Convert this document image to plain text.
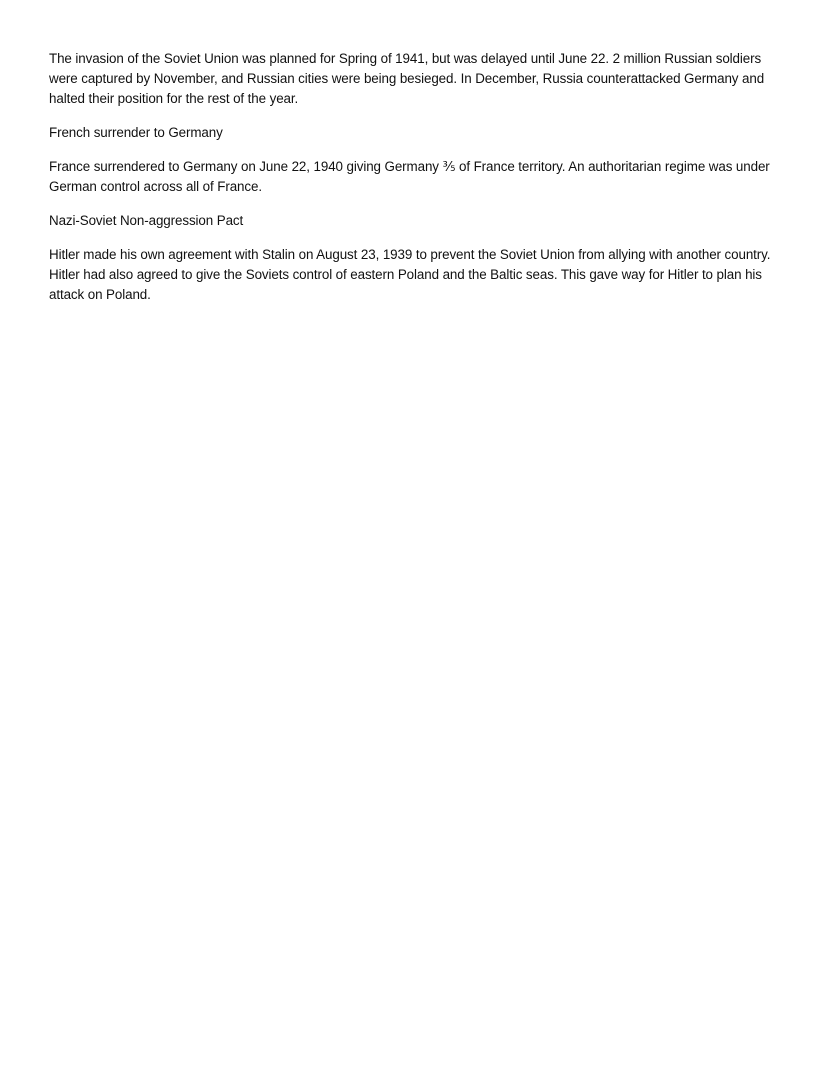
The invasion of the Soviet Union was planned for Spring of 1941, but was delayed until June 22. 2 million Russian soldiers were captured by November, and Russian cities were being besieged. In December, Russia counterattacked Germany and halted their position for the rest of the year.

French surrender to Germany

France surrendered to Germany on June 22, 1940 giving Germany ⅗ of France territory. An authoritarian regime was under German control across all of France.

Nazi-Soviet Non-aggression Pact

Hitler made his own agreement with Stalin on August 23, 1939 to prevent the Soviet Union from allying with another country. Hitler had also agreed to give the Soviets control of eastern Poland and the Baltic seas. This gave way for Hitler to plan his attack on Poland.
